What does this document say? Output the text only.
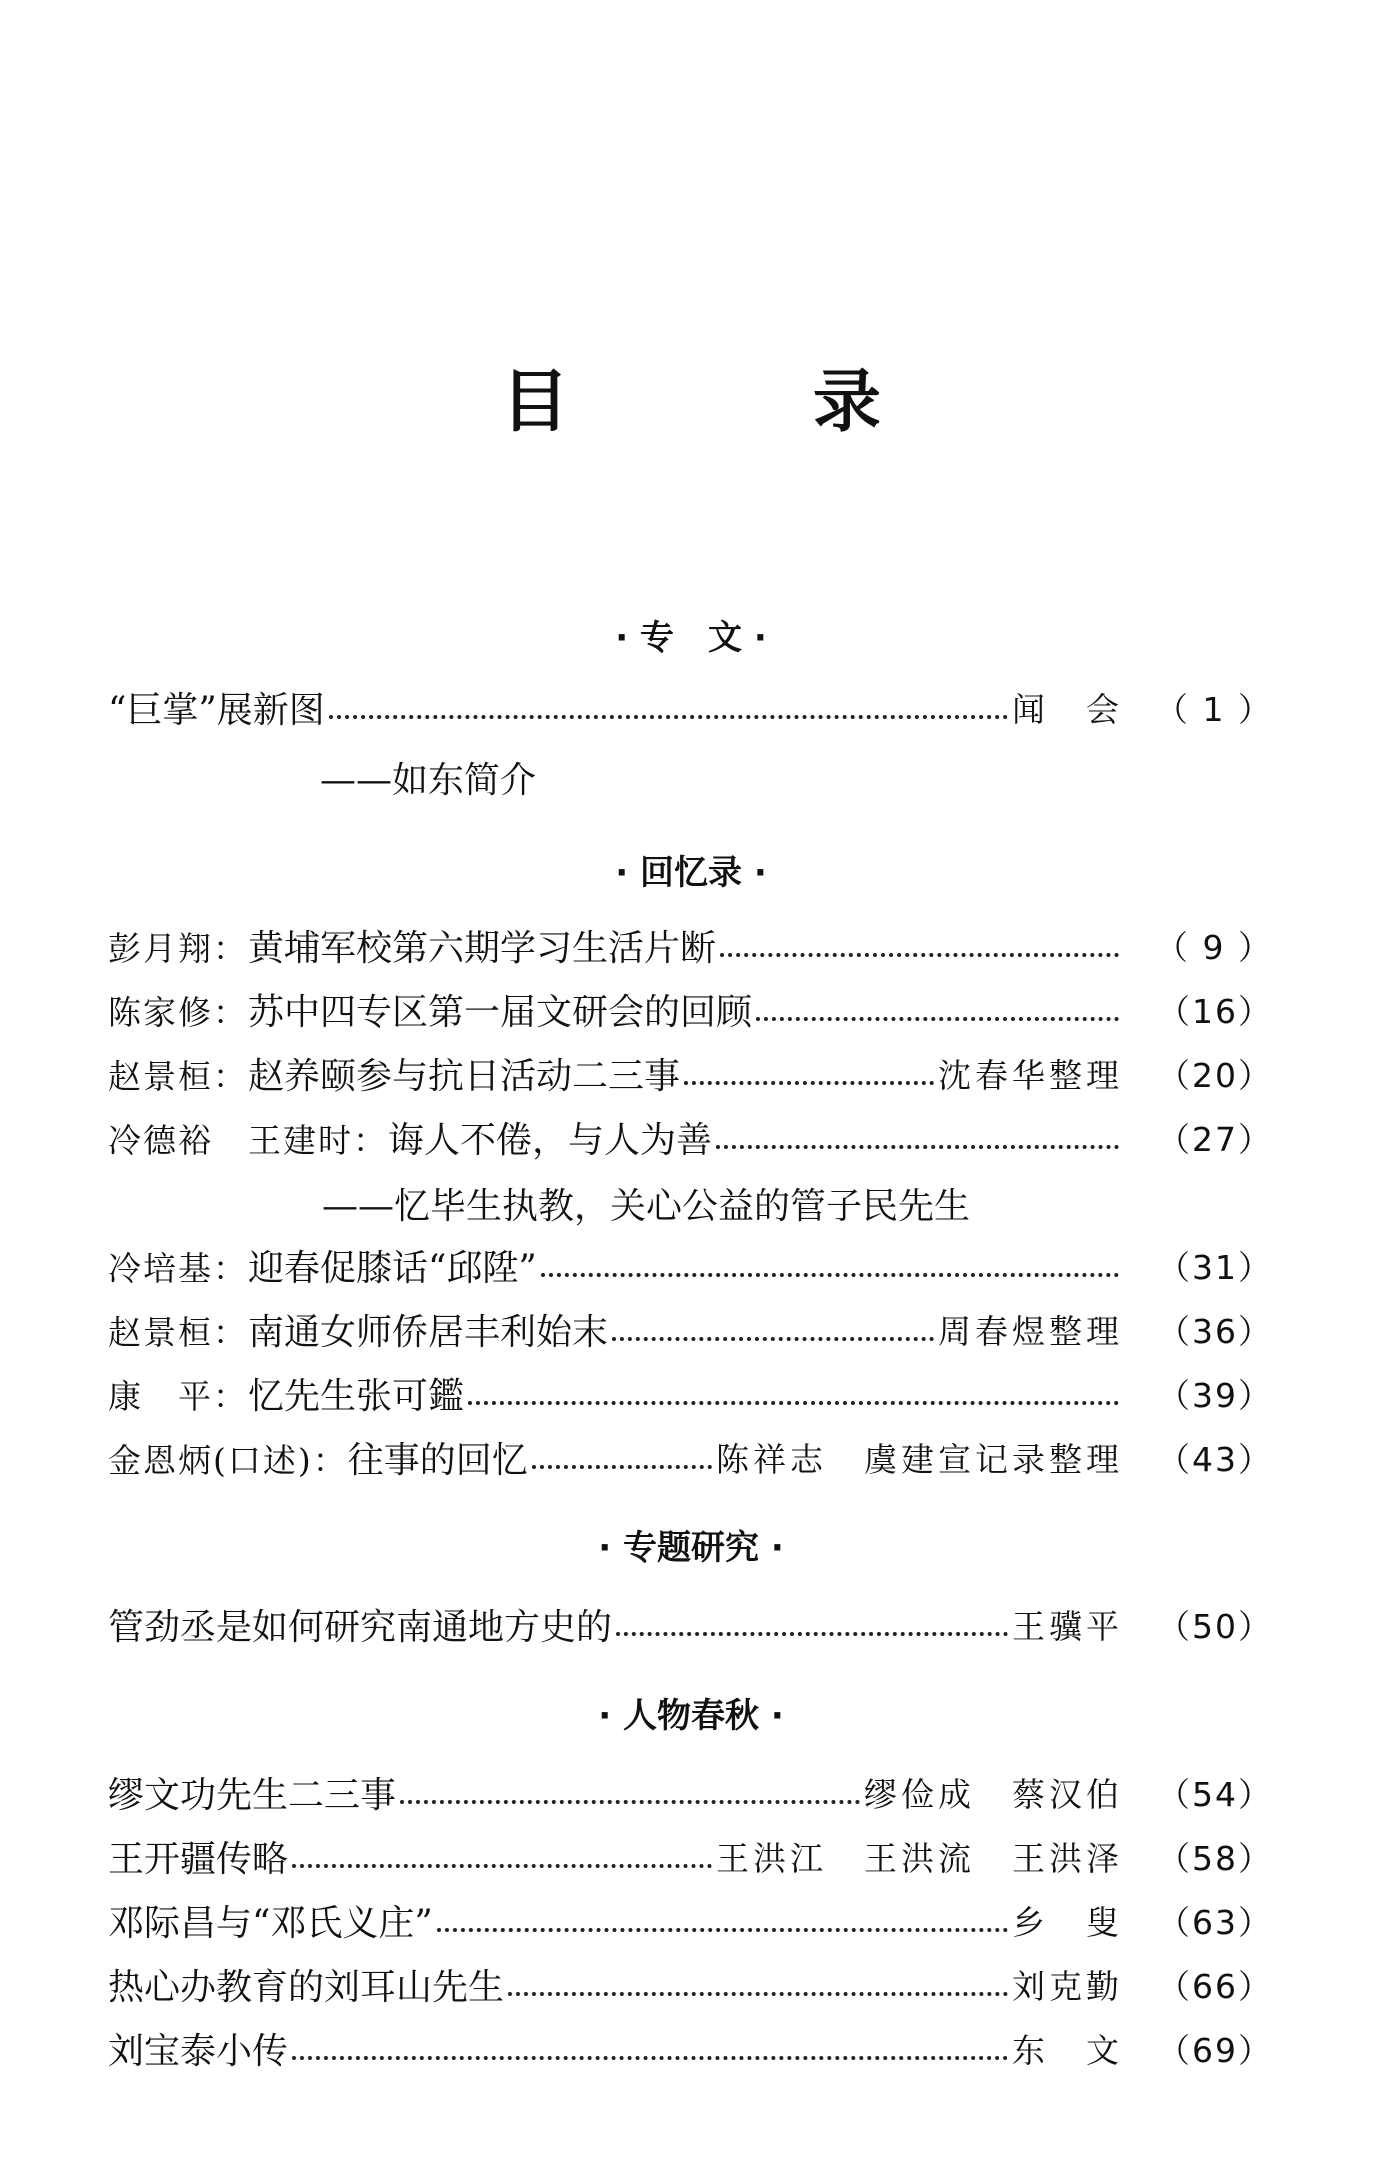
目 录
· 专　文 ·
“巨掌”展新图	闻　会 （ 1 ）
——如东简介
· 回忆录 ·
彭月翔：黄埔军校第六期学习生活片断	（ 9 ）
陈家修：苏中四专区第一届文研会的回顾	（16）
赵景桓：赵养颐参与抗日活动二三事	沈春华整理	（20）
冷德裕　王建时：诲人不倦，与人为善	（27）
——忆毕生执教，关心公益的管子民先生
冷培基：迎春促膝话“邱陞”	（31）
赵景桓：南通女师侨居丰利始末	周春煜整理	（36）
康　平：忆先生张可鑑	（39）
金恩炳(口述)：往事的回忆	陈祥志　虞建宣记录整理	（43）
· 专题研究 ·
管劲丞是如何研究南通地方史的	王骥平	（50）
· 人物春秋 ·
缪文功先生二三事	缪俭成　蔡汉伯	（54）
王开疆传略	王洪江　王洪流　王洪泽	（58）
邓际昌与“邓氏义庄”	乡　叟	（63）
热心办教育的刘耳山先生	刘克勤	（66）
刘宝泰小传	东　文	（69）
